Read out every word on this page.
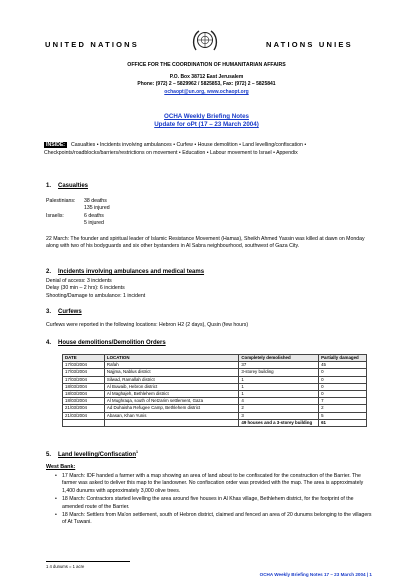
UNITED NATIONS	NATIONS UNIES
OFFICE FOR THE COORDINATION OF HUMANITARIAN AFFAIRS
P.O. Box 38712 East Jerusalem
Phone: (972) 2 – 5829962 / 5825853, Fax: (972) 2 – 5825841
ochaopt@un.org, www.ochaopt.org
OCHA Weekly Briefing Notes
Update for oPt (17 – 23 March 2004)
INSIDE: Casualties • Incidents involving ambulances • Curfew • House demolition • Land levelling/confiscation • Checkpoints/roadblocks/barriers/restrictions on movement • Education • Labour movement to Israel • Appendix
1. Casualties
Palestinians:	38 deaths
135 injured
Israelis:	6 deaths
5 injured
22 March: The founder and spiritual leader of Islamic Resistance Movement (Hamas), Sheikh Ahmed Yassin was killed at dawn on Monday along with two of his bodyguards and six other bystanders in Al Sabra neighbourhood, southwest of Gaza City.
2. Incidents involving ambulances and medical teams
Denial of access: 3 incidents
Delay (30 min – 2 hrs): 6 incidents
Shooting/Damage to ambulance: 1 incident
3. Curfews
Curfews were reported in the following locations: Hebron H2 (2 days), Qusin (few hours)
4. House demolitions/Demolition Orders
DATE	LOCATION	Completely demolished	Partially damaged
17/03/2004	Rafah	37	45
17/03/2004	Najjma, Nablus district	3-storey building	0
17/03/2004	Silwad, Ramallah district	1	0
18/03/2004	Al Buwaib, Hebron district	1	0
18/03/2004	Al Maghajeh, Bethlehem district	1	0
18/03/2004	Al Mughraqa, south of Netzarim settlement, Gaza	4	7
21/03/2004	Ad Duhaisha Refugee Camp, Bethlehem district	2	2
21/03/2004	Abasan, Khan Yunis	3	5
		49 houses and a 3-storey building	61
5. Land levelling/Confiscation$^1$
West Bank:
• 17 March: IDF handed a farmer with a map showing an area of land about to be confiscated for the construction of the Barrier. The farmer was asked to deliver this map to the landowner. No confiscation order was provided with the map. The area is approximately 1,400 dunums with approximately 3,000 olive trees.
• 18 March: Contractors started levelling the area around five houses in Al Khas village, Bethlehem district, for the footprint of the amended route of the Barrier.
• 18 March: Settlers from Ma'on settlement, south of Hebron district, claimed and fenced an area of 20 dunums belonging to the villagers of At Tuwani.
1 4 dunums = 1 acre
OCHA Weekly Briefing Notes 17 – 23 March 2004 | 1
